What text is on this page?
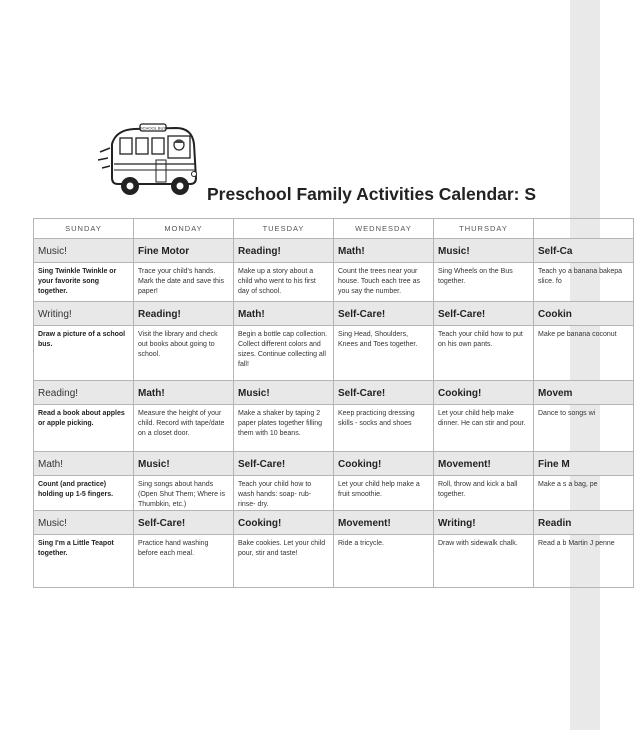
SCHOOL BUS
Preschool Family Activities Calendar: S
SUNDAY	MONDAY	TUESDAY	WEDNESDAY	THURSDAY	
Music!	Fine Motor	Reading!	Math!	Music!	Self-Ca
Sing Twinkle Twinkle or your favorite song together.	Trace your child's hands. Mark the date and save this paper!	Make up a story about a child who went to his first day of school.	Count the trees near your house. Touch each tree as you say the number.	Sing Wheels on the Bus together.	Teach yo a banana bakepa slice. fo
Writing!	Reading!	Math!	Self-Care!	Self-Care!	Cookin
Draw a picture of a school bus.	Visit the library and check out books about going to school.	Begin a bottle cap collection. Collect different colors and sizes. Continue collecting all fall!	Sing Head, Shoulders, Knees and Toes together.	Teach your child how to put on his own pants.	Make pe banana coconut
Reading!	Math!	Music!	Self-Care!	Cooking!	Movem
Read a book about apples or apple picking.	Measure the height of your child. Record with tape/date on a closet door.	Make a shaker by taping 2 paper plates together filling them with 10 beans.	Keep practicing dressing skills - socks and shoes	Let your child help make dinner. He can stir and pour.	Dance to songs wi
Math!	Music!	Self-Care!	Cooking!	Movement!	Fine M
Count (and practice) holding up 1-5 fingers.	Sing songs about hands (Open Shut Them; Where is Thumbkin, etc.)	Teach your child how to wash hands: soap- rub- rinse- dry.	Let your child help make a fruit smoothie.	Roll, throw and kick a ball together.	Make a s a bag, pe
Music!	Self-Care!	Cooking!	Movement!	Writing!	Readin
Sing I'm a Little Teapot together.	Practice hand washing before each meal.	Bake cookies. Let your child pour, stir and taste!	Ride a tricycle.	Draw with sidewalk chalk.	Read a b Martin J penne
